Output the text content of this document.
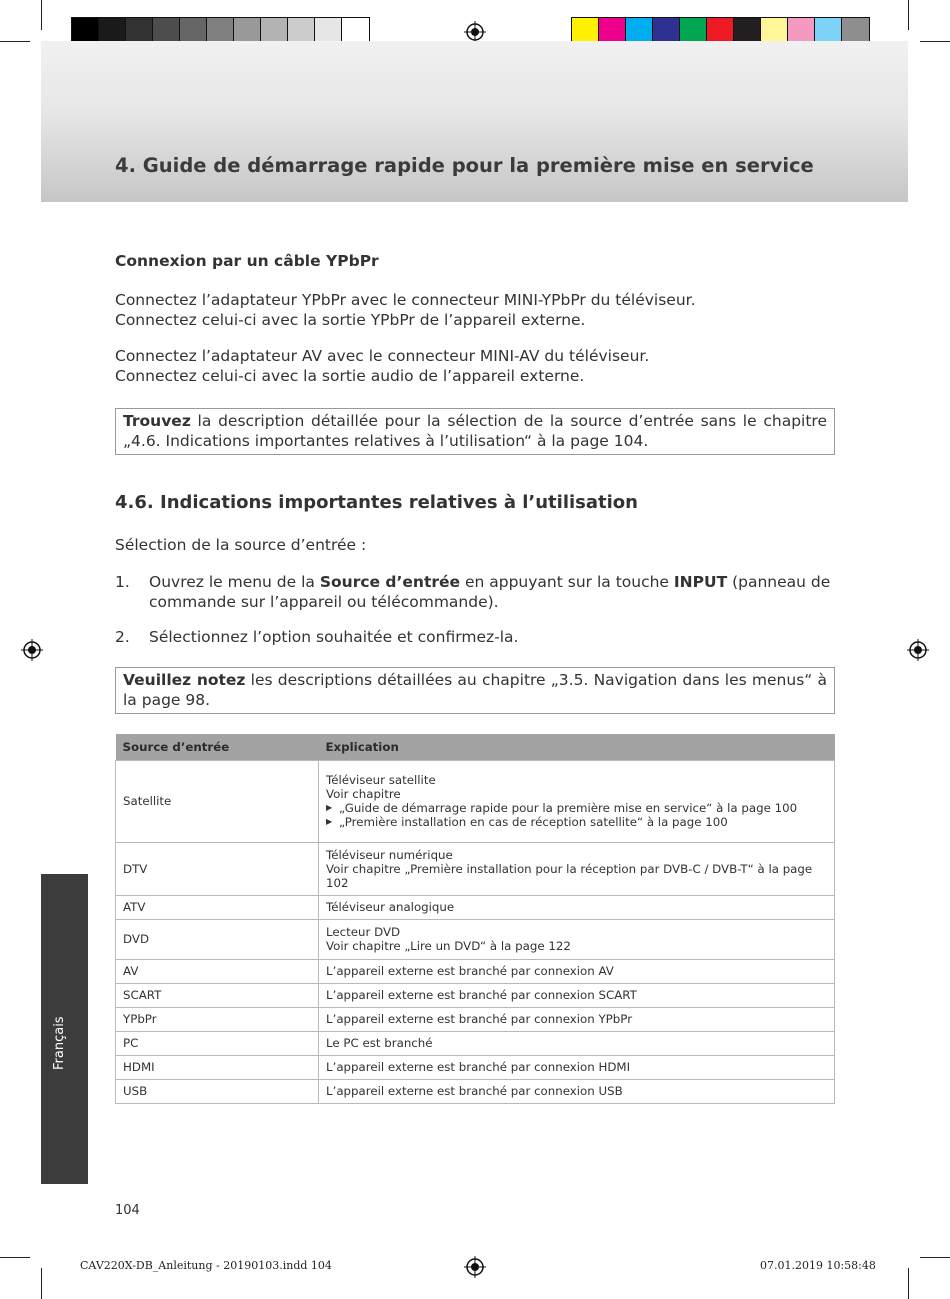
4. Guide de démarrage rapide pour la première mise en service
Connexion par un câble YPbPr

Connectez l’adaptateur YPbPr avec le connecteur MINI-YPbPr du téléviseur.

Connectez celui-ci avec la sortie YPbPr de l’appareil externe.

Connectez l’adaptateur AV avec le connecteur MINI-AV du téléviseur.

Connectez celui-ci avec la sortie audio de l’appareil externe.

Trouvez la description détaillée pour la sélection de la source d’entrée sans le chapitre „4.6. Indications importantes relatives à l’utilisation“ à la page 104.
4.6. Indications importantes relatives à l’utilisation

Sélection de la source d’entrée :

1. Ouvrez le menu de la Source d’entrée en appuyant sur la touche INPUT (panneau de commande sur l’appareil ou télécommande).
2. Sélectionnez l’option souhaitée et confirmez-la.
Veuillez notez les descriptions détaillées au chapitre „3.5. Navigation dans les menus“ à la page 98.
Source d’entrée	Explication
Satellite	Téléviseur satellite
Voir chapitre
▶ „Guide de démarrage rapide pour la première mise en service“ à la page 100
▶ „Première installation en cas de réception satellite“ à la page 100

DTV	Téléviseur numérique
Voir chapitre „Première installation pour la réception par DVB-C / DVB-T“ à la page 102

ATV	Téléviseur analogique

DVD	Lecteur DVD
Voir chapitre „Lire un DVD“ à la page 122

AV	L’appareil externe est branché par connexion AV

SCART	L’appareil externe est branché par connexion SCART

YPbPr	L’appareil externe est branché par connexion YPbPr

PC	Le PC est branché

HDMI	L’appareil externe est branché par connexion HDMI

USB	L’appareil externe est branché par connexion USB
Français
104
CAV220X-DB_Anleitung - 20190103.indd 104	07.01.2019 10:58:48
